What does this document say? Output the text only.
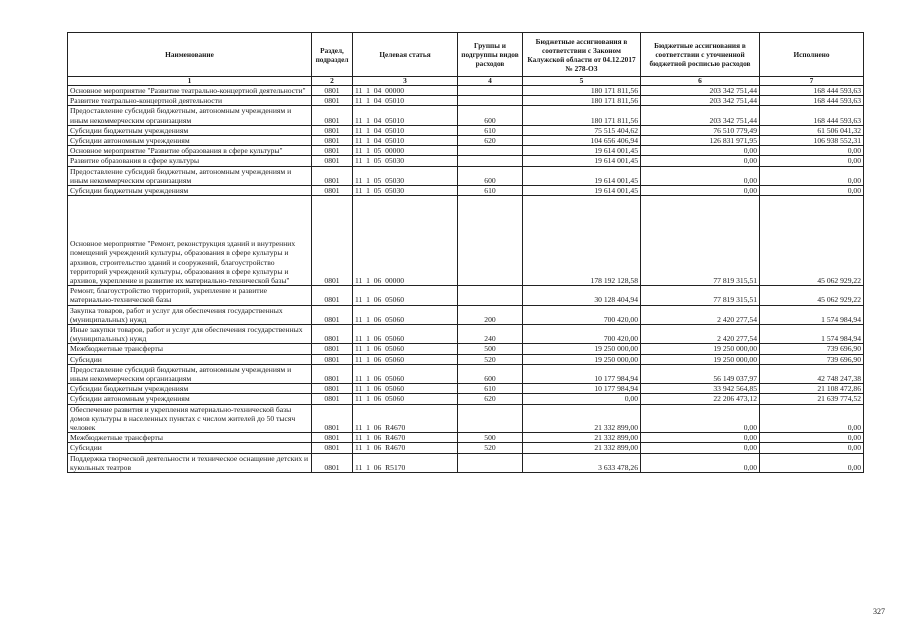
Наименование	Раздел, подраздел	Целевая статья	Группы и подгруппы видов расходов	Бюджетные ассигнования в соответствии с Законом Калужской области от 04.12.2017 № 278-ОЗ	Бюджетные ассигнования в соответствии с уточненной бюджетной росписью расходов	Исполнено
1	2	3	4	5	6	7
Основное мероприятие "Развитие театрально-концертной деятельности"	0801	11  1  04  00000		180 171 811,56	203 342 751,44	168 444 593,63
Развитие театрально-концертной деятельности	0801	11  1  04  05010		180 171 811,56	203 342 751,44	168 444 593,63
Предоставление субсидий бюджетным, автономным учреждениям и иным некоммерческим организациям	0801	11  1  04  05010	600	180 171 811,56	203 342 751,44	168 444 593,63
Субсидии бюджетным учреждениям	0801	11  1  04  05010	610	75 515 404,62	76 510 779,49	61 506 041,32
Субсидии автономным учреждениям	0801	11  1  04  05010	620	104 656 406,94	126 831 971,95	106 938 552,31
Основное мероприятие "Развитие образования в сфере культуры"	0801	11  1  05  00000		19 614 001,45	0,00	0,00
Развитие образования в сфере культуры	0801	11  1  05  05030		19 614 001,45	0,00	0,00
Предоставление субсидий бюджетным, автономным учреждениям и иным некоммерческим организациям	0801	11  1  05  05030	600	19 614 001,45	0,00	0,00
Субсидии бюджетным учреждениям	0801	11  1  05  05030	610	19 614 001,45	0,00	0,00
Основное мероприятие "Ремонт, реконструкция зданий и внутренних помещений учреждений культуры, образования в сфере культуры и архивов, строительство зданий и сооружений, благоустройство территорий учреждений культуры, образования в сфере культуры и архивов, укрепление и развитие их материально-технической базы"	0801	11  1  06  00000		178 192 128,58	77 819 315,51	45 062 929,22
Ремонт, благоустройство территорий, укрепление и развитие материально-технической базы	0801	11  1  06  05060		30 128 404,94	77 819 315,51	45 062 929,22
Закупка товаров, работ и услуг для обеспечения государственных (муниципальных) нужд	0801	11  1  06  05060	200	700 420,00	2 420 277,54	1 574 984,94
Иные закупки товаров, работ и услуг для обеспечения государственных (муниципальных) нужд	0801	11  1  06  05060	240	700 420,00	2 420 277,54	1 574 984,94
Межбюджетные трансферты	0801	11  1  06  05060	500	19 250 000,00	19 250 000,00	739 696,90
Субсидии	0801	11  1  06  05060	520	19 250 000,00	19 250 000,00	739 696,90
Предоставление субсидий бюджетным, автономным учреждениям и иным некоммерческим организациям	0801	11  1  06  05060	600	10 177 984,94	56 149 037,97	42 748 247,38
Субсидии бюджетным учреждениям	0801	11  1  06  05060	610	10 177 984,94	33 942 564,85	21 108 472,86
Субсидии автономным учреждениям	0801	11  1  06  05060	620	0,00	22 206 473,12	21 639 774,52
Обеспечение развития и укрепления материально-технической базы домов культуры в населенных пунктах с числом жителей до 50 тысяч человек	0801	11  1  06  R4670		21 332 899,00	0,00	0,00
Межбюджетные трансферты	0801	11  1  06  R4670	500	21 332 899,00	0,00	0,00
Субсидии	0801	11  1  06  R4670	520	21 332 899,00	0,00	0,00
Поддержка творческой деятельности и техническое оснащение детских и кукольных театров	0801	11  1  06  R5170		3 633 478,26	0,00	0,00
327
